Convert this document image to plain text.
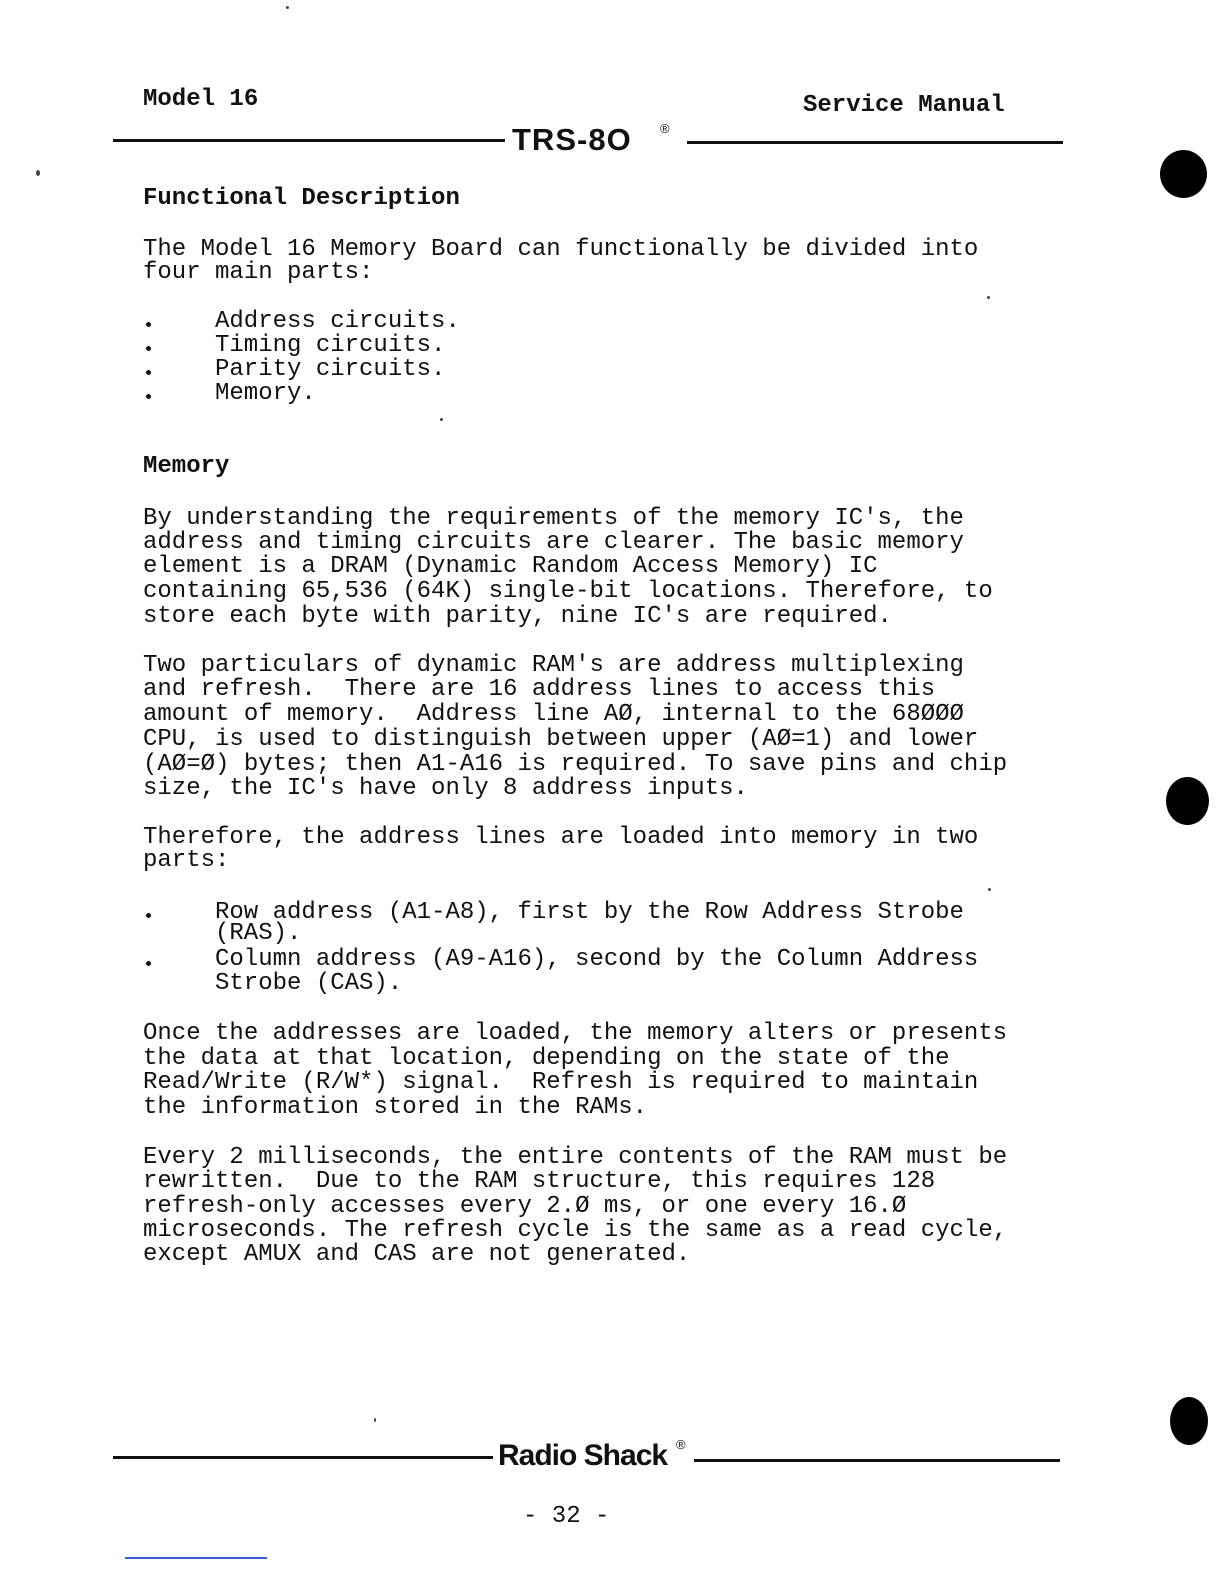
Model 16	Service Manual
TRS-8O ®
Functional Description
The Model 16 Memory Board can functionally be divided into
four main parts:
Address circuits.
Timing circuits.
Parity circuits.
Memory.
Memory
By understanding the requirements of the memory IC's, the
address and timing circuits are clearer. The basic memory
element is a DRAM (Dynamic Random Access Memory) IC
containing 65,536 (64K) single-bit locations. Therefore, to
store each byte with parity, nine IC's are required.
Two particulars of dynamic RAM's are address multiplexing
and refresh.  There are 16 address lines to access this
amount of memory.  Address line AØ, internal to the 68ØØØ
CPU, is used to distinguish between upper (AØ=1) and lower
(AØ=Ø) bytes; then A1-A16 is required. To save pins and chip
size, the IC's have only 8 address inputs.
Therefore, the address lines are loaded into memory in two
parts:
Row address (A1-A8), first by the Row Address Strobe
(RAS).
Column address (A9-A16), second by the Column Address
Strobe (CAS).
Once the addresses are loaded, the memory alters or presents
the data at that location, depending on the state of the
Read/Write (R/W*) signal.  Refresh is required to maintain
the information stored in the RAMs.
Every 2 milliseconds, the entire contents of the RAM must be
rewritten.  Due to the RAM structure, this requires 128
refresh-only accesses every 2.Ø ms, or one every 16.Ø
microseconds. The refresh cycle is the same as a read cycle,
except AMUX and CAS are not generated.
Radio Shack ®
- 32 -
